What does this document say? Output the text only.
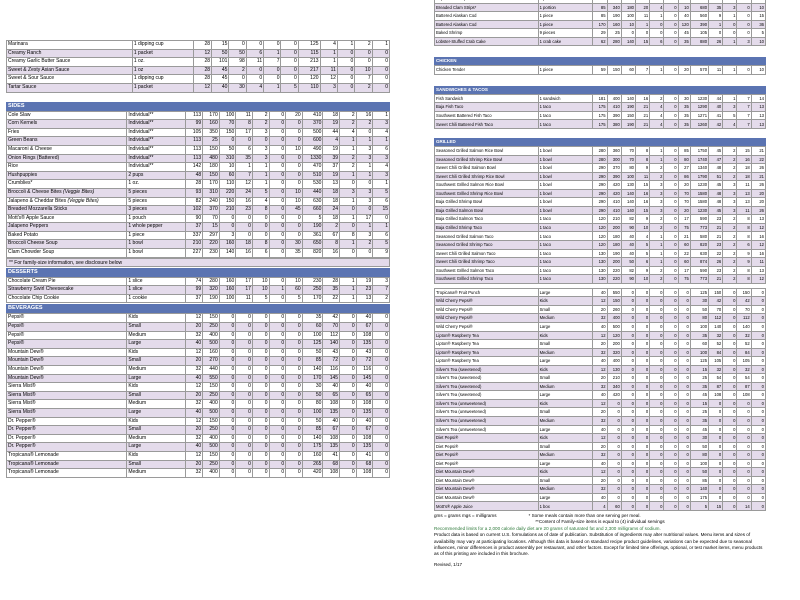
Marinara	1 dipping cup	28	15	0	0	0	0	125	4	1	2	1
Creamy Ranch	1 packet	12	50	50	6	1	0	115	1	0	0	0
Creamy Garlic Butter Sauce	1 oz.	28	101	98	11	7	0	213	1	0	0	0
Sweet & Zesty Asian Sauce	1 oz	28	45	2	0	0	0	217	11	0	10	0
Sweet & Sour Sauce	1 dipping cup	28	45	0	0	0	0	120	12	0	7	0
Tartar Sauce	1 packet	12	40	30	4	1	5	110	3	0	2	0
SIDES
Cole Slaw	Individual**	113	170	100	11	2	0	20	410	18	2	16	1
Corn Kernels	Individual**	99	160	70	8	2	0	0	370	19	2	2	3
Fries	Individual**	105	350	150	17	3	0	0	500	44	4	0	4
Green Beans	Individual**	113	25	0	0	0	0	0	600	4	1	1	1
Macaroni & Cheese	Individual**	113	150	50	6	3	0	10	490	19	1	3	6
Onion Rings (Battered)	Individual**	113	480	310	35	3	0	0	1330	39	2	3	3
Rice	Individual**	142	180	10	1	1	0	0	470	37	2	1	4
Hushpuppies	2 pups	48	150	60	7	1	0	0	510	19	1	1	3
Crumblies*	1 oz.	28	170	110	12	1	0	0	530	13	0	0	1
Broccoli & Cheese Bites (Veggie Bites)	5 pieces	93	310	220	24	5	0	10	440	18	3	3	5
Jalapeno & Cheddar Bites (Veggie Bites)	5 pieces	82	240	150	16	4	0	10	630	18	1	3	6
Breaded Mozzarella Sticks	3 pieces	102	370	210	23	8	0	45	660	24	0	0	15
Mott's® Apple Sauce	1 pouch	90	70	0	0	0	0	0	5	18	1	17	0
Jalapeno Peppers	1 whole pepper	37	15	0	0	0	0	0	190	2	0	1	1
Baked Potato	1 piece	337	297	3	0	0	0	0	361	67	8	3	6
Broccoli Cheese Soup	1 bowl	210	220	160	18	8	0	30	650	8	1	2	5
Clam Chowder Soup	1 bowl	227	230	140	16	6	0	35	820	16	0	0	9
** For family-size information, see disclosure below
DESSERTS
Chocolate Cream Pie	1 slice	74	280	160	17	10	0	10	230	28	1	19	3
Strawberry Swirl Cheesecake	1 slice	99	320	160	17	10	1	60	250	35	1	23	7
Chocolate Chip Cookie	1 cookie	37	190	100	11	5	0	5	170	22	1	13	2
BEVERAGES
Pepsi®	Kids	12	150	0	0	0	0	0	35	42	0	40	0
Pepsi®	Small	20	250	0	0	0	0	0	60	70	0	67	0
Pepsi®	Medium	32	400	0	0	0	0	0	100	112	0	108	0
Pepsi®	Large	40	500	0	0	0	0	0	125	140	0	135	0
Mountain Dew®	Kids	12	160	0	0	0	0	0	50	43	0	43	0
Mountain Dew®	Small	20	270	0	0	0	0	0	85	72	0	72	0
Mountain Dew®	Medium	32	440	0	0	0	0	0	140	116	0	116	0
Mountain Dew®	Large	40	550	0	0	0	0	0	170	145	0	145	0
Sierra Mist®	Kids	12	150	0	0	0	0	0	30	40	0	40	0
Sierra Mist®	Small	20	250	0	0	0	0	0	50	65	0	65	0
Sierra Mist®	Medium	32	400	0	0	0	0	0	80	108	0	108	0
Sierra Mist®	Large	40	500	0	0	0	0	0	100	135	0	135	0
Dr. Pepper®	Kids	12	150	0	0	0	0	0	50	40	0	40	0
Dr. Pepper®	Small	20	250	0	0	0	0	0	85	67	0	67	0
Dr. Pepper®	Medium	32	400	0	0	0	0	0	140	108	0	108	0
Dr. Pepper®	Large	40	500	0	0	0	0	0	175	135	0	135	0
Tropicana® Lemonade	Kids	12	150	0	0	0	0	0	160	41	0	41	0
Tropicana® Lemonade	Small	20	250	0	0	0	0	0	265	68	0	68	0
Tropicana® Lemonade	Medium	32	400	0	0	0	0	0	420	108	0	108	0

Breaded Clam Strips*	1 portion	85	340	180	20	4	0	10	680	35	3	0	10
Battered Alaskan Cod	1 piece	85	190	100	11	1	0	40	560	9	1	0	15
Battered Alaskan Cod	1 piece	170	160	10	1	0	0	120	390	1	0	0	36
Baked Shrimp	9 pieces	29	25	0	0	0	0	45	105	0	0	0	5
Lobster-Stuffed Crab Cake	1 crab cake	62	280	140	15	6	0	35	880	26	1	3	10
CHICKEN
Chicken Tender	1 piece	59	150	60	7	1	0	20	570	11	1	0	10
SANDWICHES & TACOS
Fish Sandwich	1 sandwich	181	400	140	16	2	0	30	1230	44	1	7	14
Baja Fish Taco	1 taco	175	410	190	21	4	0	35	1290	40	3	7	13
Southwest Battered Fish Taco	1 taco	175	390	150	21	4	0	35	1271	41	5	7	13
Sweet Chili Battered Fish Taco	1 taco	175	380	190	21	4	0	35	1260	42	4	7	13
GRILLED
Seasoned Grilled Salmon Rice Bowl	1 bowl	280	360	70	8	1	0	85	1750	45	2	15	21
Seasoned Grilled Shrimp Rice Bowl	1 bowl	280	300	70	8	1	0	80	1740	47	2	16	22
Sweet Chili Grilled Salmon Bowl	1 bowl	290	370	80	9	2	0	27	1340	48	2	18	26
Sweet Chili Grilled Shrimp Rice Bowl	1 bowl	290	390	100	11	2	0	86	1790	51	2	18	21
Southwest Grilled Salmon Rice Bowl	1 bowl	290	420	130	15	3	0	20	1230	45	3	11	26
Southwest Grilled Shrimp Rice Bowl	1 bowl	290	420	140	16	3	0	70	1580	48	3	13	20
Baja Grilled Shrimp Bowl	1 bowl	290	410	140	16	3	0	70	1580	48	3	13	20
Baja Grilled Salmon Bowl	1 bowl	290	410	140	15	3	0	20	1230	45	3	11	26
Baja Grilled Salmon Taco	1 taco	120	210	82	9	2	0	17	590	23	2	8	13
Baja Grilled Shrimp Taco	1 taco	120	200	90	10	2	0	75	773	21	2	8	12
Seasoned Grilled Salmon Taco	1 taco	120	180	40	4	1	0	21	580	21	2	8	16
Seasoned Grilled Shrimp Taco	1 taco	120	180	40	5	1	0	60	820	23	2	6	12
Sweet Chili Grilled Salmon Taco	1 taco	130	190	40	5	1	0	22	630	22	2	9	16
Sweet Chili Grilled Shrimp Taco	1 taco	130	200	50	6	1	0	60	874	26	2	9	11
Southwest Grilled Salmon Taco	1 taco	130	220	82	9	2	0	17	590	23	2	8	13
Southwest Grilled Shrimp Taco	1 taco	130	220	90	10	2	0	75	773	21	2	8	12
Tropicana® Fruit Punch	Large	40	550	0	0	0	0	0	125	150	0	150	0
Wild Cherry Pepsi®	Kids	12	150	0	0	0	0	0	30	42	0	42	0
Wild Cherry Pepsi®	Small	20	260	0	0	0	0	0	50	70	0	70	0
Wild Cherry Pepsi®	Medium	32	400	0	0	0	0	0	80	112	0	112	0
Wild Cherry Pepsi®	Large	40	500	0	0	0	0	0	100	140	0	140	0
Lipton® Raspberry Tea	Kids	12	120	0	0	0	0	0	35	32	0	32	0
Lipton® Raspberry Tea	Small	20	200	0	0	0	0	0	60	52	0	52	0
Lipton® Raspberry Tea	Medium	32	320	0	0	0	0	0	100	84	0	84	0
Lipton® Raspberry Tea	Large	40	400	0	0	0	0	0	125	105	0	105	0
Silver's Tea (sweetened)	Kids	12	130	0	0	0	0	0	15	32	0	32	0
Silver's Tea (sweetened)	Small	20	210	0	0	0	0	0	25	54	0	54	0
Silver's Tea (sweetened)	Medium	32	340	0	0	0	0	0	35	87	0	87	0
Silver's Tea (sweetened)	Large	40	420	0	0	0	0	0	45	108	0	108	0
Silver's Tea (unsweetened)	Kids	12	0	0	0	0	0	0	15	0	0	0	0
Silver's Tea (unsweetened)	Small	20	0	0	0	0	0	0	25	0	0	0	0
Silver's Tea (unsweetened)	Medium	32	0	0	0	0	0	0	35	0	0	0	0
Silver's Tea (unsweetened)	Large	40	0	0	0	0	0	0	45	0	0	0	0
Diet Pepsi®	Kids	12	0	0	0	0	0	0	30	0	0	0	0
Diet Pepsi®	Small	20	0	0	0	0	0	0	50	0	0	0	0
Diet Pepsi®	Medium	32	0	0	0	0	0	0	80	0	0	0	0
Diet Pepsi®	Large	40	0	0	0	0	0	0	100	0	0	0	0
Diet Mountain Dew®	Kids	12	0	0	0	0	0	0	50	0	0	0	0
Diet Mountain Dew®	Small	20	0	0	0	0	0	0	85	0	0	0	0
Diet Mountain Dew®	Medium	32	0	0	0	0	0	0	140	0	0	0	0
Diet Mountain Dew®	Large	40	0	0	0	0	0	0	175	0	0	0	0
Mott's® Apple Juice	1 box	4	60	0	0	0	0	0	5	15	0	14	0
gms = grams mgs = milligrams	* Some meals contain more than one serving per meal.
**Content of Family-size items is equal to (4) individual servings
Recommended limits for a 2,000 calorie daily diet are 20 grams of saturated fat and 2,300 milligrams of sodium.
Product data is based on current U.S. formulations as of date of publication. Substitution of ingredients may alter nutritional values. Menu items and sizes of availability may vary at participating locations. Although this data is based on standard recipe product guidelines, variations can be expected due to seasonal influences, minor differences in product assembly per restaurant, and other factors. Except for limited time offerings, optional, or test market items, menu products as of this printing are included in this brochure.
Revised, 1/17
